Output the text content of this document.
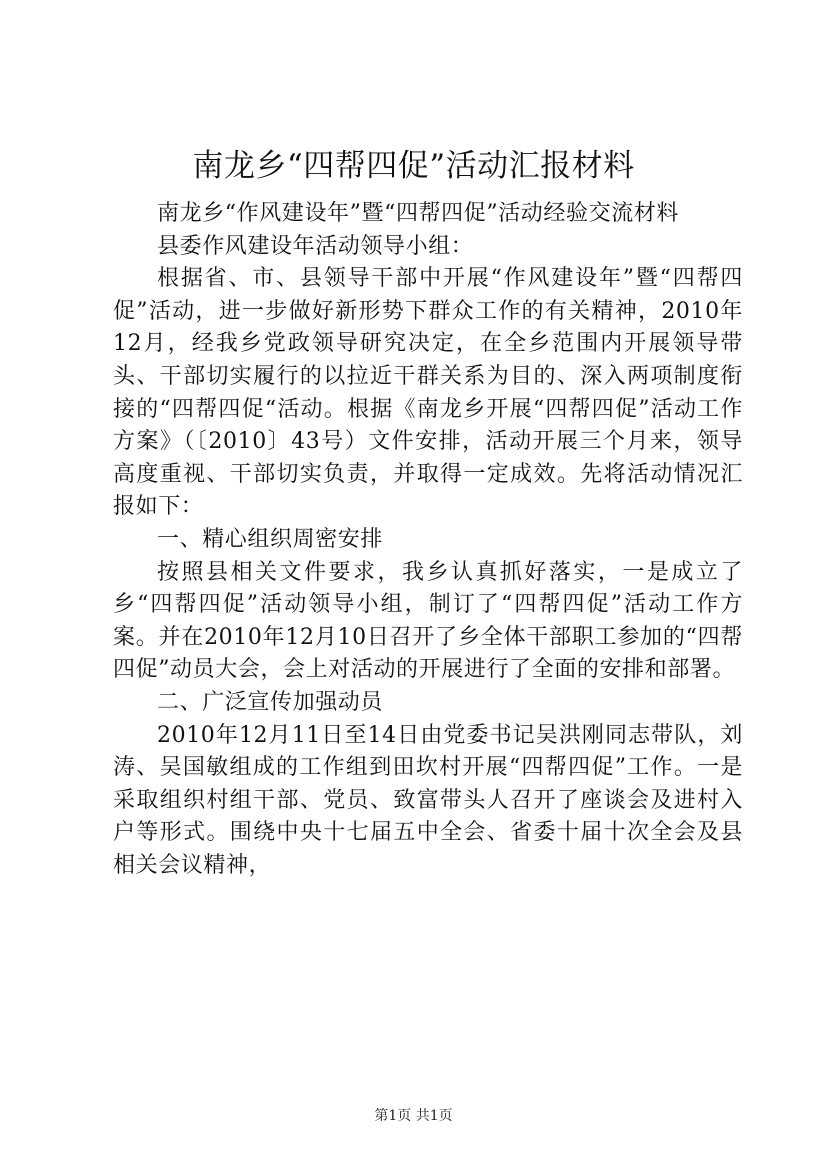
南龙乡“四帮四促”活动汇报材料

南龙乡“作风建设年”暨“四帮四促”活动经验交流材料

县委作风建设年活动领导小组：

根据省、市、县领导干部中开展“作风建设年”暨“四帮四促”活动，进一步做好新形势下群众工作的有关精神，2010年12月，经我乡党政领导研究决定，在全乡范围内开展领导带头、干部切实履行的以拉近干群关系为目的、深入两项制度衔接的“四帮四促“活动。根据《南龙乡开展“四帮四促”活动工作方案》（〔2010〕43号）文件安排，活动开展三个月来，领导高度重视、干部切实负责，并取得一定成效。先将活动情况汇报如下：

一、精心组织周密安排

按照县相关文件要求，我乡认真抓好落实，一是成立了乡“四帮四促”活动领导小组，制订了“四帮四促”活动工作方案。并在2010年12月10日召开了乡全体干部职工参加的“四帮四促”动员大会，会上对活动的开展进行了全面的安排和部署。

二、广泛宣传加强动员

2010年12月11日至14日由党委书记吴洪刚同志带队，刘涛、吴国敏组成的工作组到田坎村开展“四帮四促”工作。一是采取组织村组干部、党员、致富带头人召开了座谈会及进村入户等形式。围绕中央十七届五中全会、省委十届十次全会及县相关会议精神，

第1页 共1页
